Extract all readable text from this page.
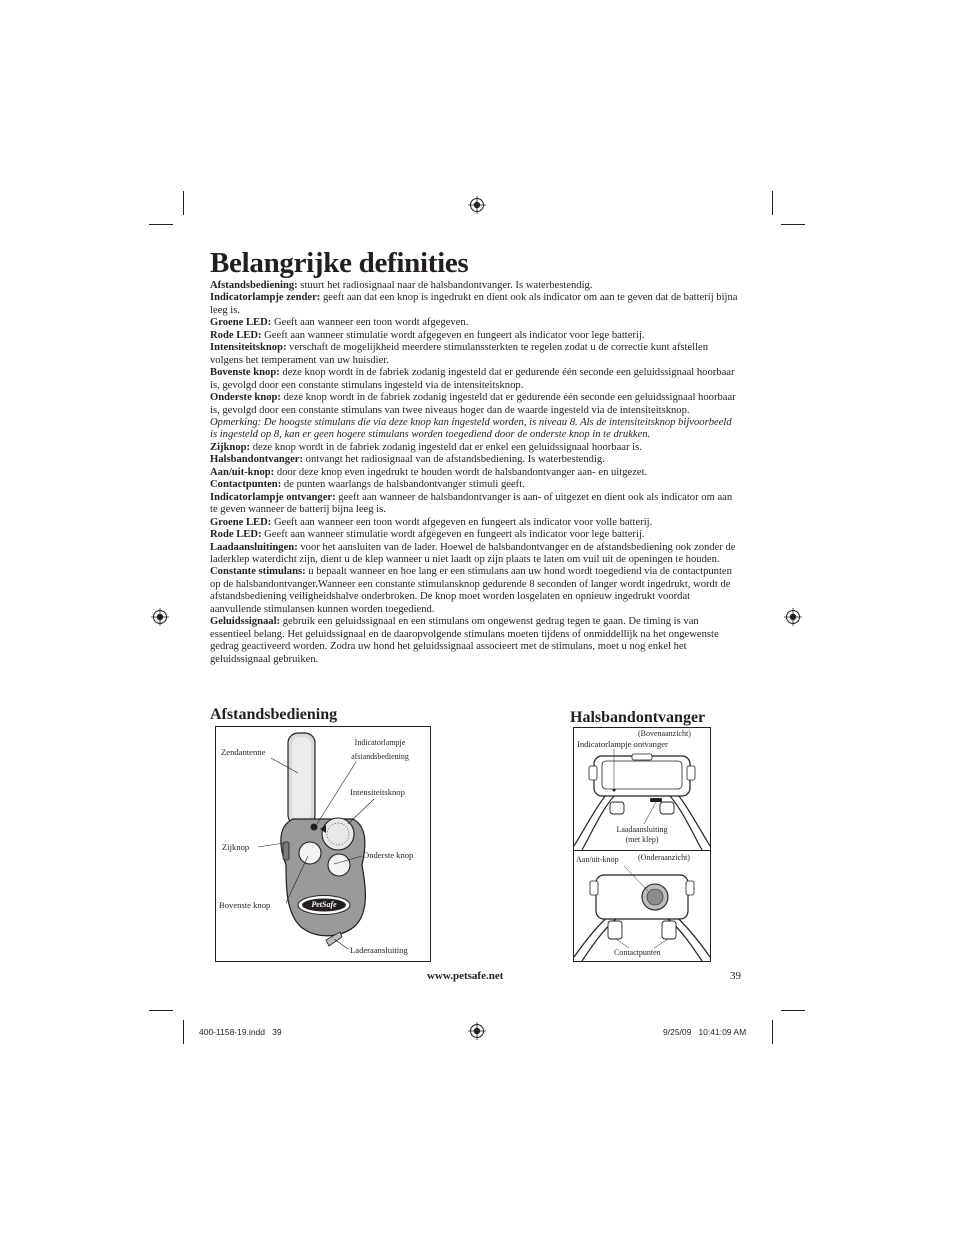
Belangrijke definities

Afstandsbediening: stuurt het radiosignaal naar de halsbandontvanger. Is waterbestendig.

Indicatorlampje zender: geeft aan dat een knop is ingedrukt en dient ook als indicator om aan te geven dat de batterij bijna leeg is.

Groene LED: Geeft aan wanneer een toon wordt afgegeven.

Rode LED: Geeft aan wanneer stimulatie wordt afgegeven en fungeert als indicator voor lege batterij.

Intensiteitsknop: verschaft de mogelijkheid meerdere stimulanssterkten te regelen zodat u de correctie kunt afstellen volgens het temperament van uw huisdier.

Bovenste knop: deze knop wordt in de fabriek zodanig ingesteld dat er gedurende één seconde een geluidssignaal hoorbaar is, gevolgd door een constante stimulans ingesteld via de intensiteitsknop.

Onderste knop: deze knop wordt in de fabriek zodanig ingesteld dat er gedurende één seconde een geluidssignaal hoorbaar is, gevolgd door een constante stimulans van twee niveaus hoger dan de waarde ingesteld via de intensiteitsknop. Opmerking: De hoogste stimulans die via deze knop kan ingesteld worden, is niveau 8. Als de intensiteitsknop bijvoorbeeld is ingesteld op 8, kan er geen hogere stimulans worden toegediend door de onderste knop in te drukken.

Zijknop: deze knop wordt in de fabriek zodanig ingesteld dat er enkel een geluidssignaal hoorbaar is.

Halsbandontvanger: ontvangt het radiosignaal van de afstandsbediening. Is waterbestendig.

Aan/uit-knop: door deze knop even ingedrukt te houden wordt de halsbandontvanger aan- en uitgezet.

Contactpunten: de punten waarlangs de halsbandontvanger stimuli geeft.

Indicatorlampje ontvanger: geeft aan wanneer de halsbandontvanger is aan- of uitgezet en dient ook als indicator om aan te geven wanneer de batterij bijna leeg is.

Groene LED: Geeft aan wanneer een toon wordt afgegeven en fungeert als indicator voor volle batterij.

Rode LED: Geeft aan wanneer stimulatie wordt afgegeven en fungeert als indicator voor lege batterij.

Laadaansluitingen: voor het aansluiten van de lader. Hoewel de halsbandontvanger en de afstandsbediening ook zonder de laderklep waterdicht zijn, dient u de klep wanneer u niet laadt op zijn plaats te laten om vuil uit de openingen te houden.

Constante stimulans: u bepaalt wanneer en hoe lang er een stimulans aan uw hond wordt toegediend via de contactpunten op de halsbandontvanger.Wanneer een constante stimulansknop gedurende 8 seconden of langer wordt ingedrukt, wordt de afstandsbediening veiligheidshalve onderbroken. De knop moet worden losgelaten en opnieuw ingedrukt voordat aanvullende stimulansen kunnen worden toegediend.

Geluidssignaal: gebruik een geluidssignaal en een stimulans om ongewenst gedrag tegen te gaan. De timing is van essentieel belang. Het geluidssignaal en de daaropvolgende stimulans moeten tijdens of onmiddellijk na het ongewenste gedrag geactiveerd worden. Zodra uw hond het geluidssignaal associeert met de stimulans, moet u nog enkel het geluidssignaal gebruiken.

Afstandsbediening
PetSafe
Zendantenne
Indicatorlampje
afstandsbediening
Intensiteitsknop
Zijknop
Onderste knop
Bovenste knop
Laderaansluiting
Halsbandontvanger
(Bovenaanzicht)
Indicatorlampje ontvanger
Laadaansluiting
(met klep)
Aan/uit-knop (Onderaanzicht)
Contactpunten
www.petsafe.net	39
400-1158-19.indd   39	9/25/09   10:41:09 AM
